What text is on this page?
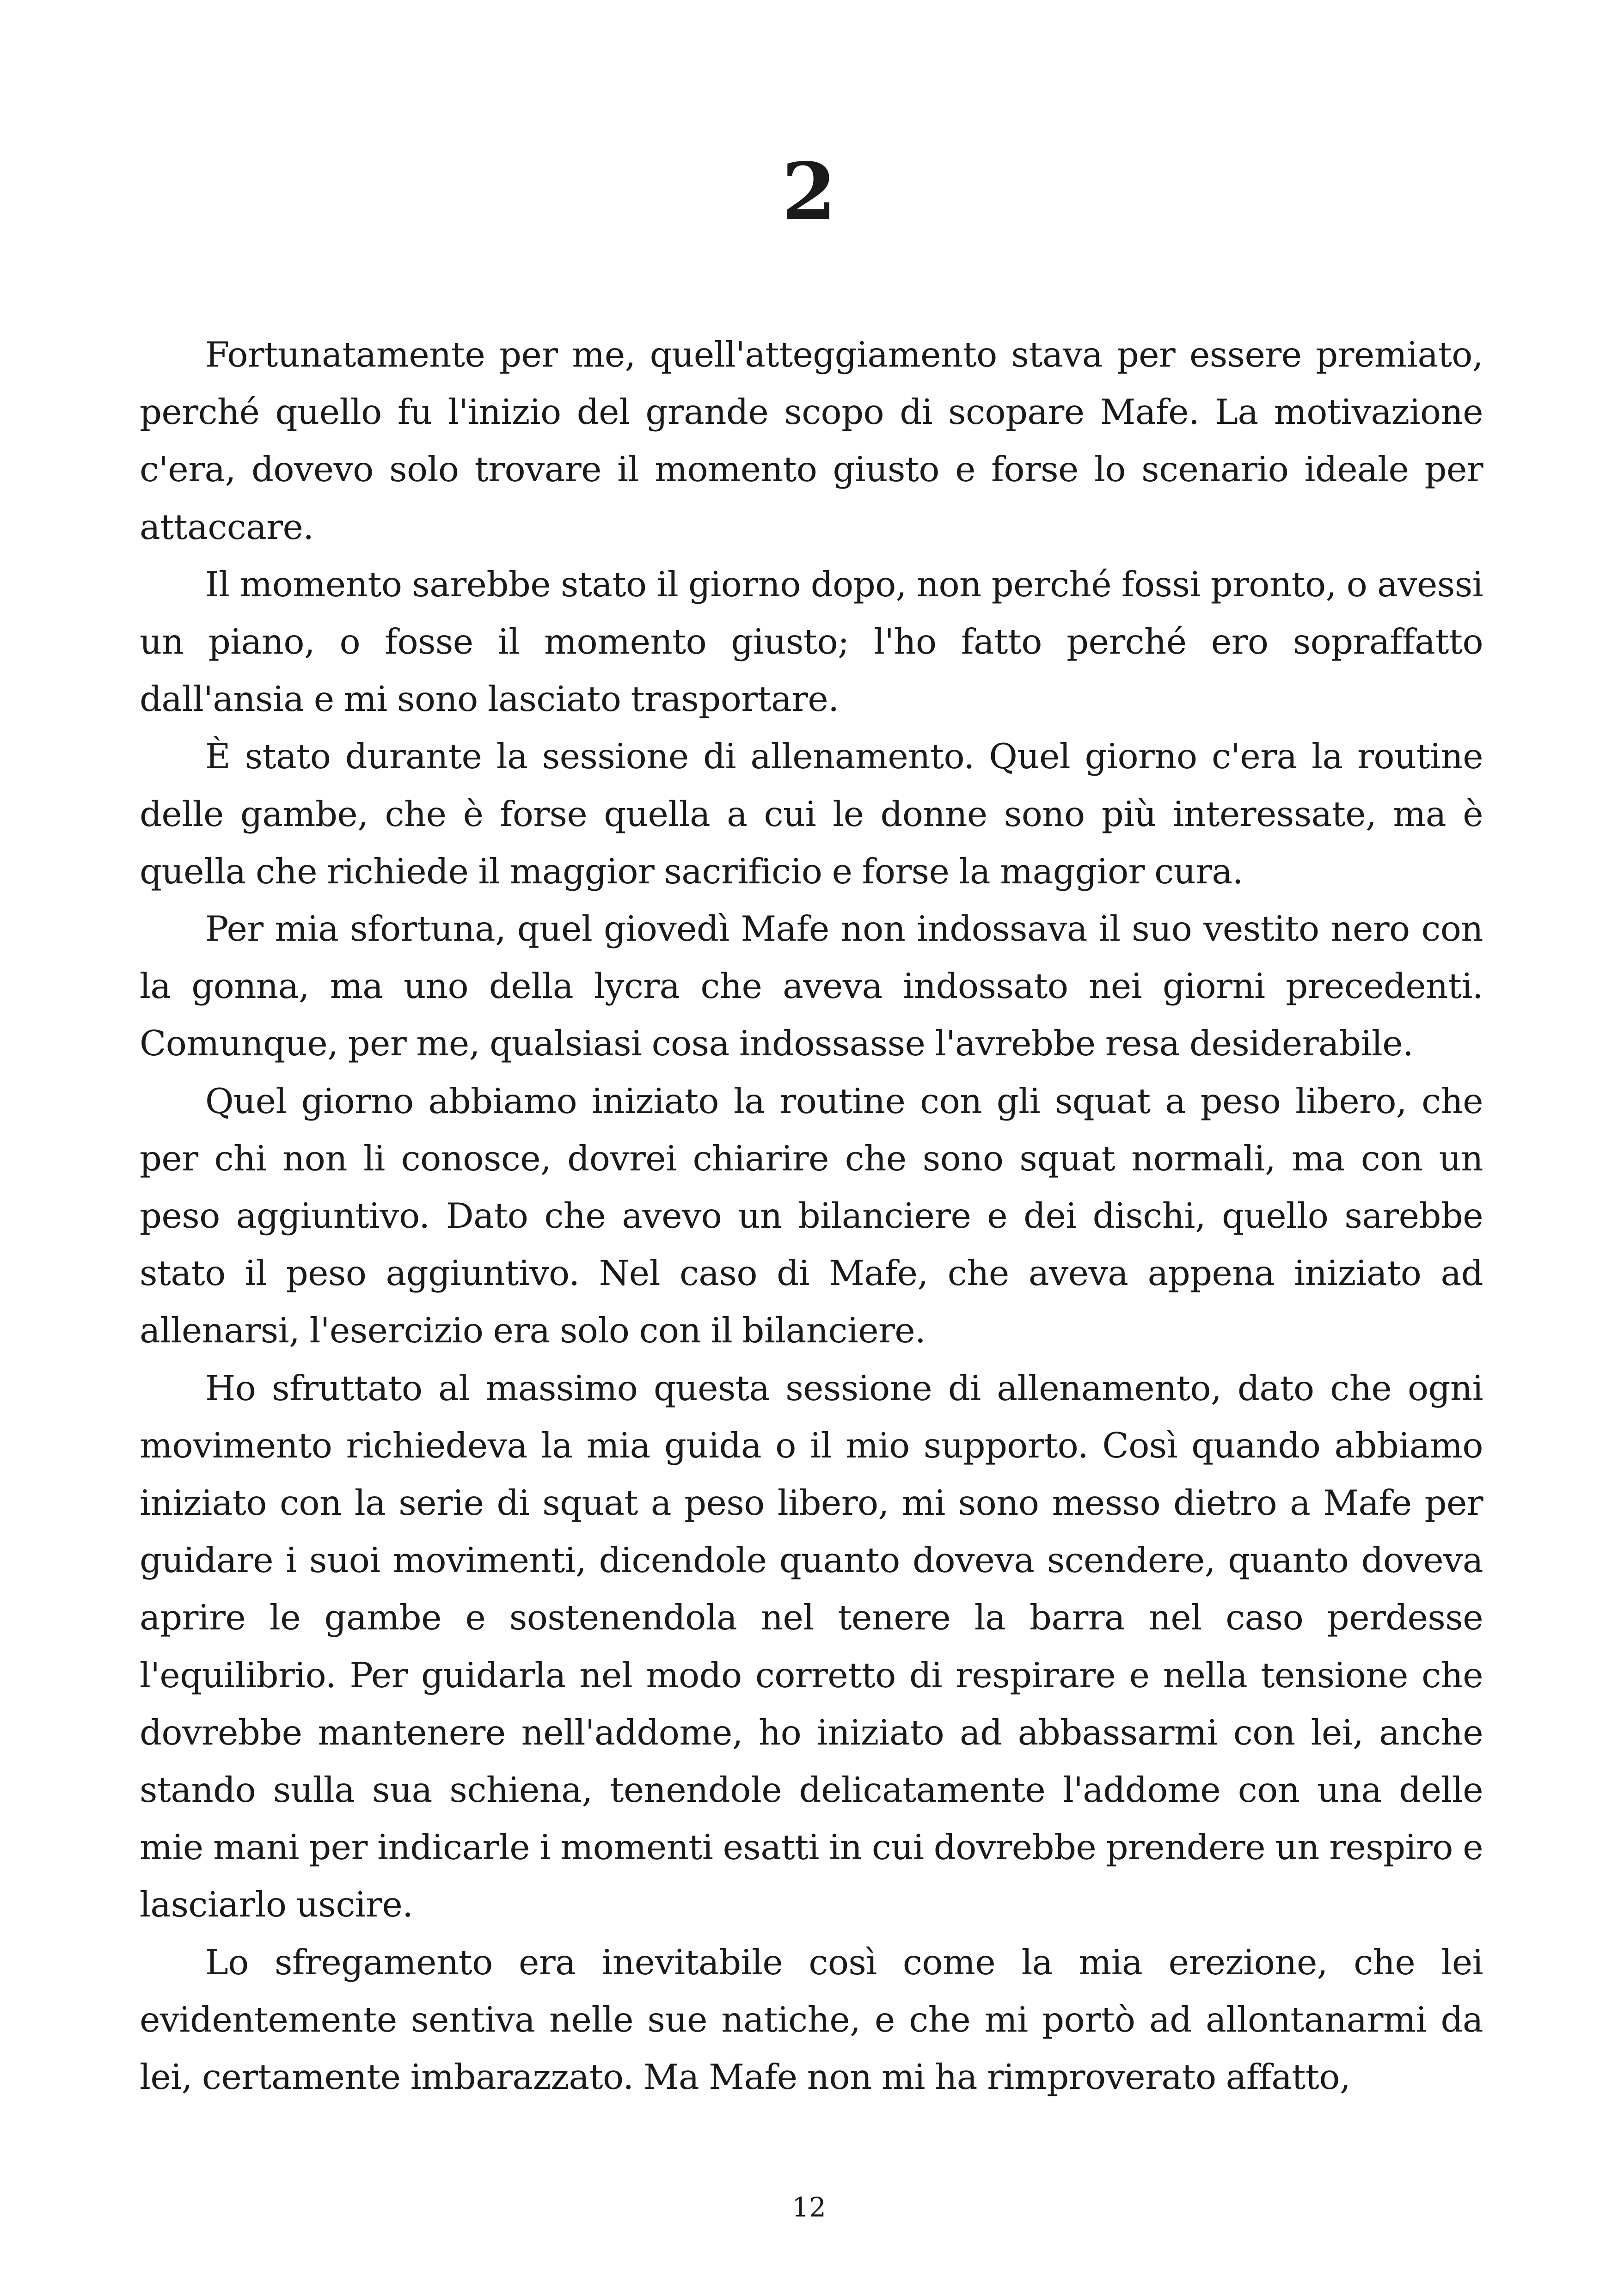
2

Fortunatamente per me, quell'atteggiamento stava per essere premiato, perché quello fu l'inizio del grande scopo di scopare Mafe. La motivazione c'era, dovevo solo trovare il momento giusto e forse lo scenario ideale per attaccare.

Il momento sarebbe stato il giorno dopo, non perché fossi pronto, o avessi un piano, o fosse il momento giusto; l'ho fatto perché ero sopraffatto dall'ansia e mi sono lasciato trasportare.

È stato durante la sessione di allenamento. Quel giorno c'era la routine delle gambe, che è forse quella a cui le donne sono più interessate, ma è quella che richiede il maggior sacrificio e forse la maggior cura.

Per mia sfortuna, quel giovedì Mafe non indossava il suo vestito nero con la gonna, ma uno della lycra che aveva indossato nei giorni precedenti. Comunque, per me, qualsiasi cosa indossasse l'avrebbe resa desiderabile.

Quel giorno abbiamo iniziato la routine con gli squat a peso libero, che per chi non li conosce, dovrei chiarire che sono squat normali, ma con un peso aggiuntivo. Dato che avevo un bilanciere e dei dischi, quello sarebbe stato il peso aggiuntivo. Nel caso di Mafe, che aveva appena iniziato ad allenarsi, l'esercizio era solo con il bilanciere.

Ho sfruttato al massimo questa sessione di allenamento, dato che ogni movimento richiedeva la mia guida o il mio supporto. Così quando abbiamo iniziato con la serie di squat a peso libero, mi sono messo dietro a Mafe per guidare i suoi movimenti, dicendole quanto doveva scendere, quanto doveva aprire le gambe e sostenendola nel tenere la barra nel caso perdesse l'equilibrio. Per guidarla nel modo corretto di respirare e nella tensione che dovrebbe mantenere nell'addome, ho iniziato ad abbassarmi con lei, anche stando sulla sua schiena, tenendole delicatamente l'addome con una delle mie mani per indicarle i momenti esatti in cui dovrebbe prendere un respiro e lasciarlo uscire.

Lo sfregamento era inevitabile così come la mia erezione, che lei evidentemente sentiva nelle sue natiche, e che mi portò ad allontanarmi da lei, certamente imbarazzato. Ma Mafe non mi ha rimproverato affatto,

12
